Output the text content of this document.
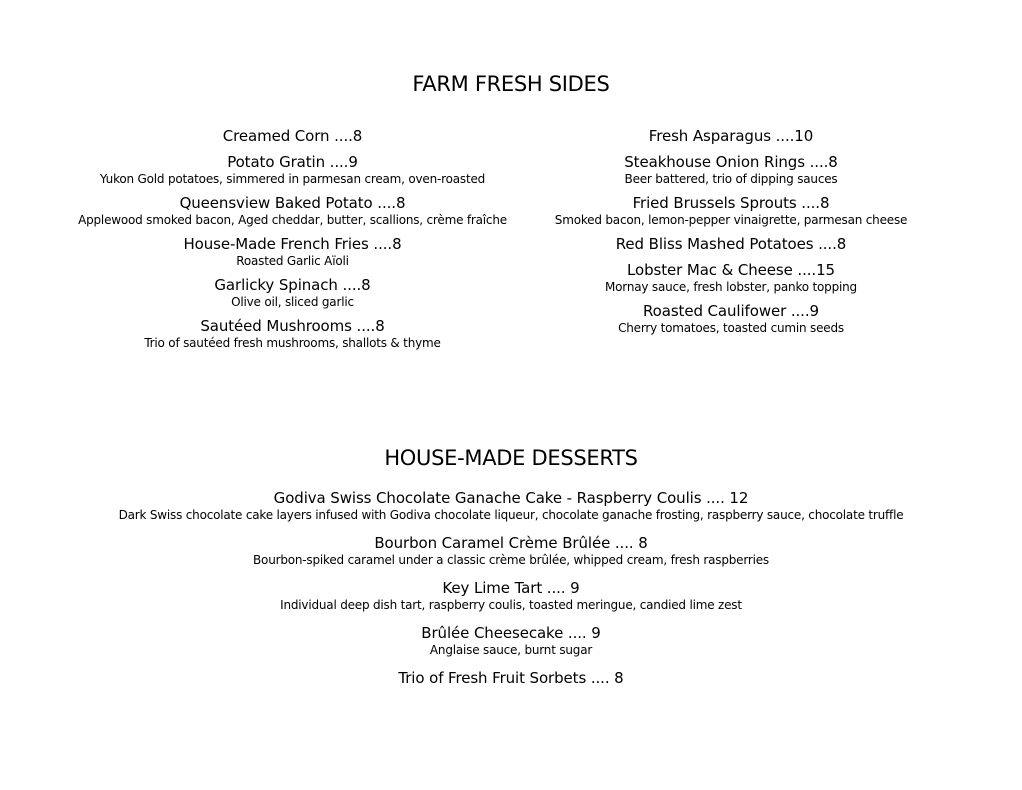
FARM FRESH SIDES
Creamed Corn ....8
Potato Gratin ....9
Yukon Gold potatoes, simmered in parmesan cream, oven-roasted
Queensview Baked Potato ....8
Applewood smoked bacon, Aged cheddar, butter, scallions, crème fraîche
House-Made French Fries ....8
Roasted Garlic Aïoli
Garlicky Spinach ....8
Olive oil, sliced garlic
Sautéed Mushrooms ....8
Trio of sautéed fresh mushrooms, shallots & thyme
Fresh Asparagus ....10
Steakhouse Onion Rings ....8
Beer battered, trio of dipping sauces
Fried Brussels Sprouts ....8
Smoked bacon, lemon-pepper vinaigrette, parmesan cheese
Red Bliss Mashed Potatoes ....8
Lobster Mac & Cheese ....15
Mornay sauce, fresh lobster, panko topping
Roasted Caulifower ....9
Cherry tomatoes, toasted cumin seeds
HOUSE-MADE DESSERTS
Godiva Swiss Chocolate Ganache Cake - Raspberry Coulis .... 12
Dark Swiss chocolate cake layers infused with Godiva chocolate liqueur, chocolate ganache frosting, raspberry sauce, chocolate truffle
Bourbon Caramel Crème Brûlée .... 8
Bourbon-spiked caramel under a classic crème brûlée, whipped cream, fresh raspberries
Key Lime Tart .... 9
Individual deep dish tart, raspberry coulis, toasted meringue, candied lime zest
Brûlée Cheesecake .... 9
Anglaise sauce, burnt sugar
Trio of Fresh Fruit Sorbets .... 8
